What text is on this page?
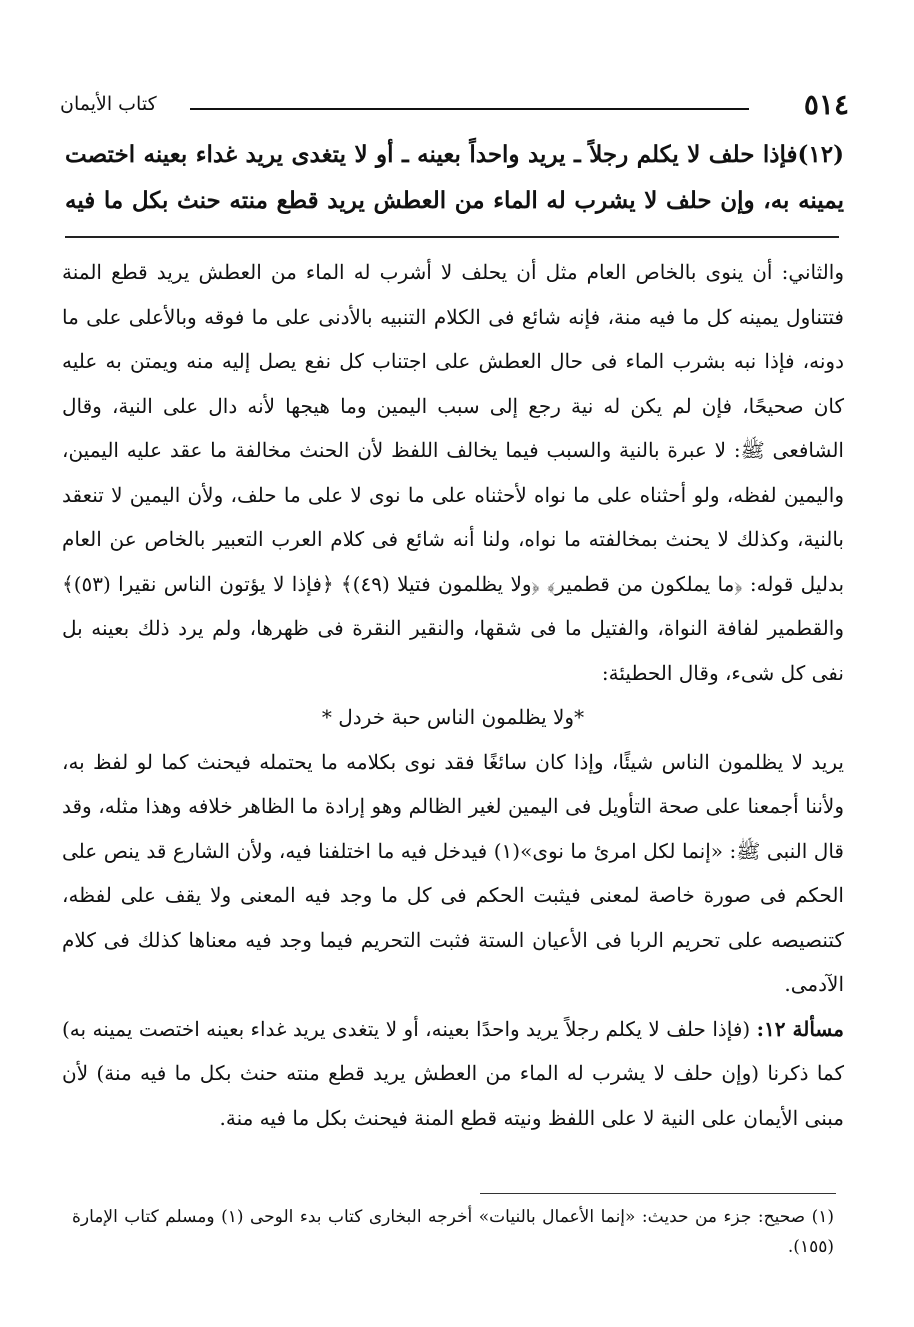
٥١٤
كتاب الأيمان

(١٢)فإذا حلف لا يكلم رجلاً ـ يريد واحداً بعينه ـ أو لا يتغدى يريد غداء بعينه اختصت يمينه به، وإن حلف لا يشرب له الماء من العطش يريد قطع منته حنث بكل ما فيه

والثاني: أن ينوى بالخاص العام مثل أن يحلف لا أشرب له الماء من العطش يريد قطع المنة فتتناول يمينه كل ما فيه منة، فإنه شائع فى الكلام التنبيه بالأدنى على ما فوقه وبالأعلى على ما دونه، فإذا نبه بشرب الماء فى حال العطش على اجتناب كل نفع يصل إليه منه ويمتن به عليه كان صحيحًا، فإن لم يكن له نية رجع إلى سبب اليمين وما هيجها لأنه دال على النية، وقال الشافعى ﷺ: لا عبرة بالنية والسبب فيما يخالف اللفظ لأن الحنث مخالفة ما عقد عليه اليمين، واليمين لفظه، ولو أحثناه على ما نواه لأحثناه على ما نوى لا على ما حلف، ولأن اليمين لا تنعقد بالنية، وكذلك لا يحنث بمخالفته ما نواه، ولنا أنه شائع فى كلام العرب التعبير بالخاص عن العام بدليل قوله: ﴿ما يملكون من قطمير﴾ ﴿ولا يظلمون فتيلا (٤٩)﴾ ﴿فإذا لا يؤتون الناس نقيرا (٥٣)﴾ والقطمير لفافة النواة، والفتيل ما فى شقها، والنقير النقرة فى ظهرها، ولم يرد ذلك بعينه بل نفى كل شىء، وقال الحطيئة:

*ولا يظلمون الناس حبة خردل *

يريد لا يظلمون الناس شيئًا، وإذا كان سائغًا فقد نوى بكلامه ما يحتمله فيحنث كما لو لفظ به، ولأننا أجمعنا على صحة التأويل فى اليمين لغير الظالم وهو إرادة ما الظاهر خلافه وهذا مثله، وقد قال النبى ﷺ: «إنما لكل امرئ ما نوى»(١) فيدخل فيه ما اختلفنا فيه، ولأن الشارع قد ينص على الحكم فى صورة خاصة لمعنى فيثبت الحكم فى كل ما وجد فيه المعنى ولا يقف على لفظه، كتنصيصه على تحريم الربا فى الأعيان الستة فثبت التحريم فيما وجد فيه معناها كذلك فى كلام الآدمى.

مسألة ١٢: (فإذا حلف لا يكلم رجلاً يريد واحدًا بعينه، أو لا يتغدى يريد غداء بعينه اختصت يمينه به) كما ذكرنا (وإن حلف لا يشرب له الماء من العطش يريد قطع منته حنث بكل ما فيه منة) لأن مبنى الأيمان على النية لا على اللفظ ونيته قطع المنة فيحنث بكل ما فيه منة.

(١) صحيح: جزء من حديث: «إنما الأعمال بالنيات» أخرجه البخارى كتاب بدء الوحى (١) ومسلم كتاب الإمارة (١٥٥).
